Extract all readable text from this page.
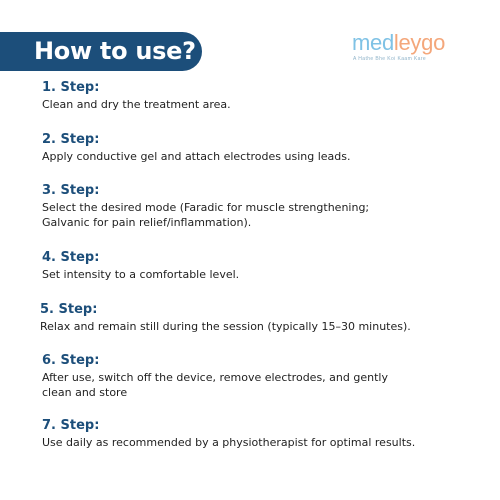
How to use?	medleygo
A Hathe Bhe Koi Kaam Kare
1. Step:
Clean and dry the treatment area.
2. Step:
Apply conductive gel and attach electrodes using leads.
3. Step:
Select the desired mode (Faradic for muscle strengthening;
Galvanic for pain relief/inflammation).
4. Step:
Set intensity to a comfortable level.
5. Step:
Relax and remain still during the session (typically 15–30 minutes).
6. Step:
After use, switch off the device, remove electrodes, and gently
clean and store
7. Step:
Use daily as recommended by a physiotherapist for optimal results.
